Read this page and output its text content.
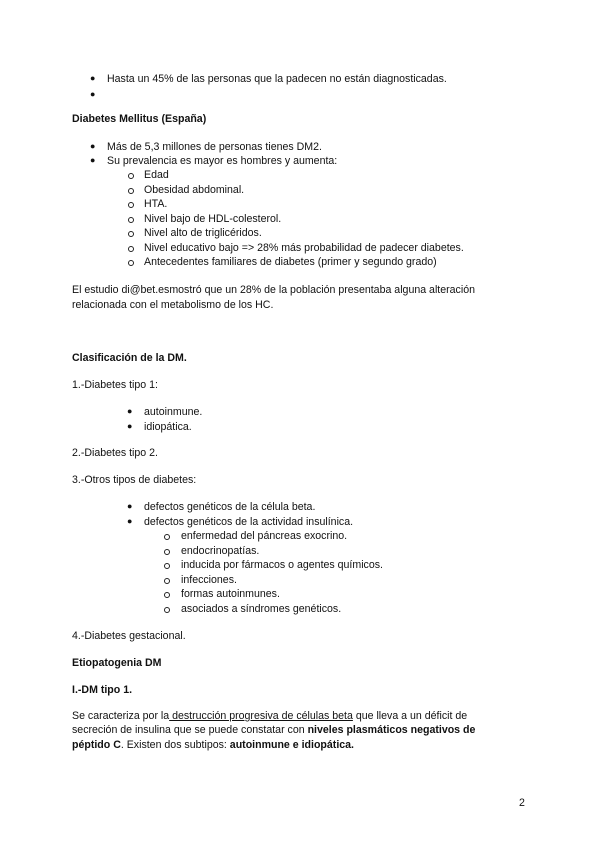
● Hasta un 45% de las personas que la padecen no están diagnosticadas.
●
Diabetes Mellitus (España)
● Más de 5,3 millones de personas tienes DM2.
● Su prevalencia es mayor es hombres y aumenta:
Edad
Obesidad abdominal.
HTA.
Nivel bajo de HDL-colesterol.
Nivel alto de triglicéridos.
Nivel educativo bajo => 28% más probabilidad de padecer diabetes.
Antecedentes familiares de diabetes (primer y segundo grado)
El estudio di@bet.esmostró que un 28% de la población presentaba alguna alteración
relacionada con el metabolismo de los HC.
Clasificación de la DM.
1.-Diabetes tipo 1:
● autoinmune.
● idiopática.
2.-Diabetes tipo 2.
3.-Otros tipos de diabetes:
● defectos genéticos de la célula beta.
● defectos genéticos de la actividad insulínica.
enfermedad del páncreas exocrino.
endocrinopatías.
inducida por fármacos o agentes químicos.
infecciones.
formas autoinmunes.
asociados a síndromes genéticos.
4.-Diabetes gestacional.
Etiopatogenia DM
I.-DM tipo 1.
Se caracteriza por la destrucción progresiva de células beta que lleva a un déficit de
secreción de insulina que se puede constatar con niveles plasmáticos negativos de
péptido C. Existen dos subtipos: autoinmune e idiopática.
2
